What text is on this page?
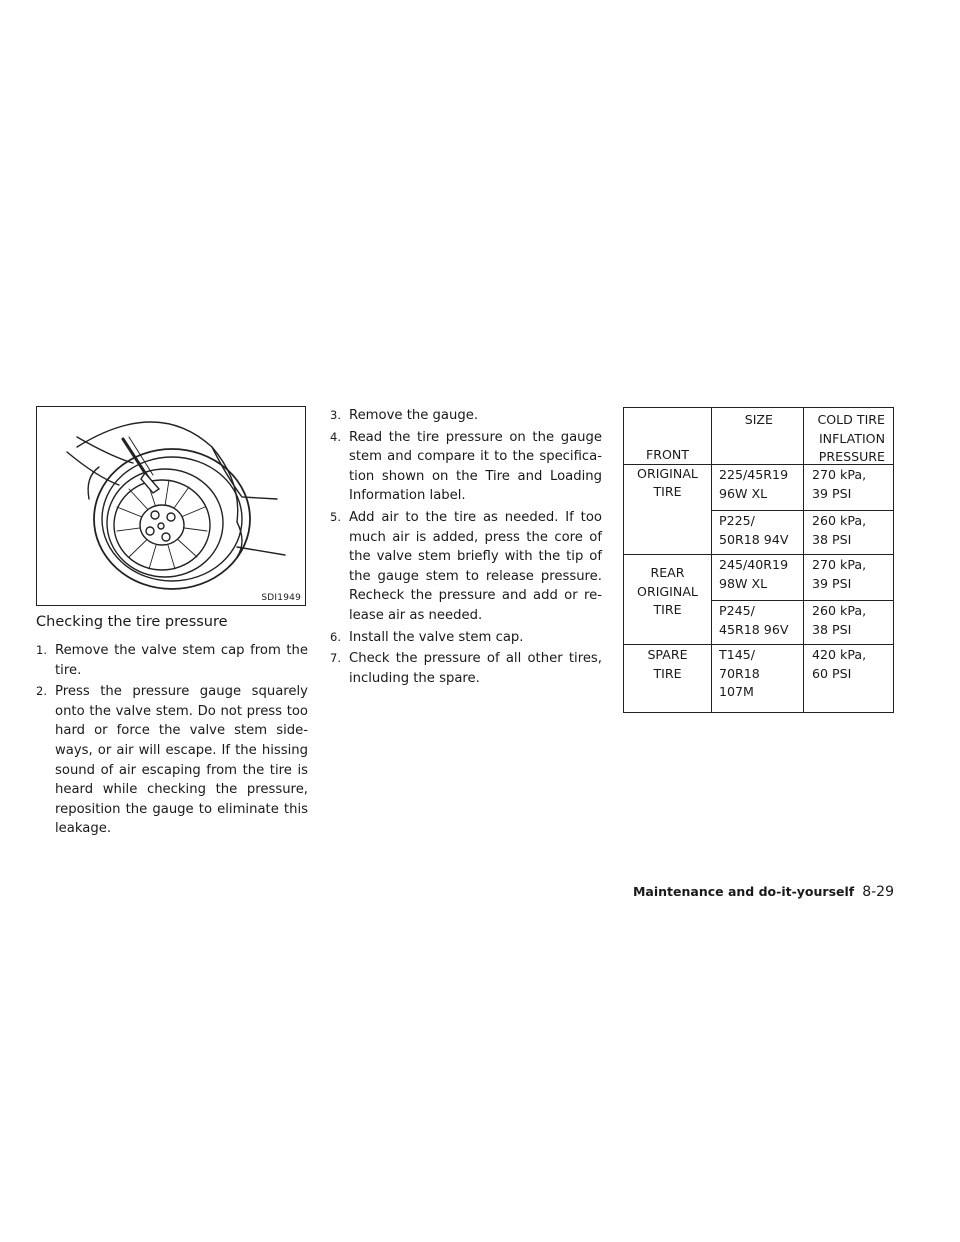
SDI1949
Checking the tire pressure
1. Remove the valve stem cap from the tire.
2. Press the pressure gauge squarely onto the valve stem. Do not press too hard or force the valve stem side-ways, or air will escape. If the hissing sound of air escaping from the tire is heard while checking the pressure, reposition the gauge to eliminate this leakage.
3. Remove the gauge.
4. Read the tire pressure on the gauge stem and compare it to the specifica-tion shown on the Tire and Loading Information label.
5. Add air to the tire as needed. If too much air is added, press the core of the valve stem briefly with the tip of the gauge stem to release pressure. Recheck the pressure and add or re-lease air as needed.
6. Install the valve stem cap.
7. Check the pressure of all other tires, including the spare.
SIZE	COLD TIRE
INFLATION
PRESSURE
FRONT
ORIGINAL
TIRE
225/45R19
96W XL
270 kPa,
39 PSI
P225/
50R18 94V
260 kPa,
38 PSI
REAR
ORIGINAL
TIRE
245/40R19
98W XL
270 kPa,
39 PSI
P245/
45R18 96V
260 kPa,
38 PSI
SPARE
TIRE
T145/
70R18
107M
420 kPa,
60 PSI
Maintenance and do-it-yourself 8-29
